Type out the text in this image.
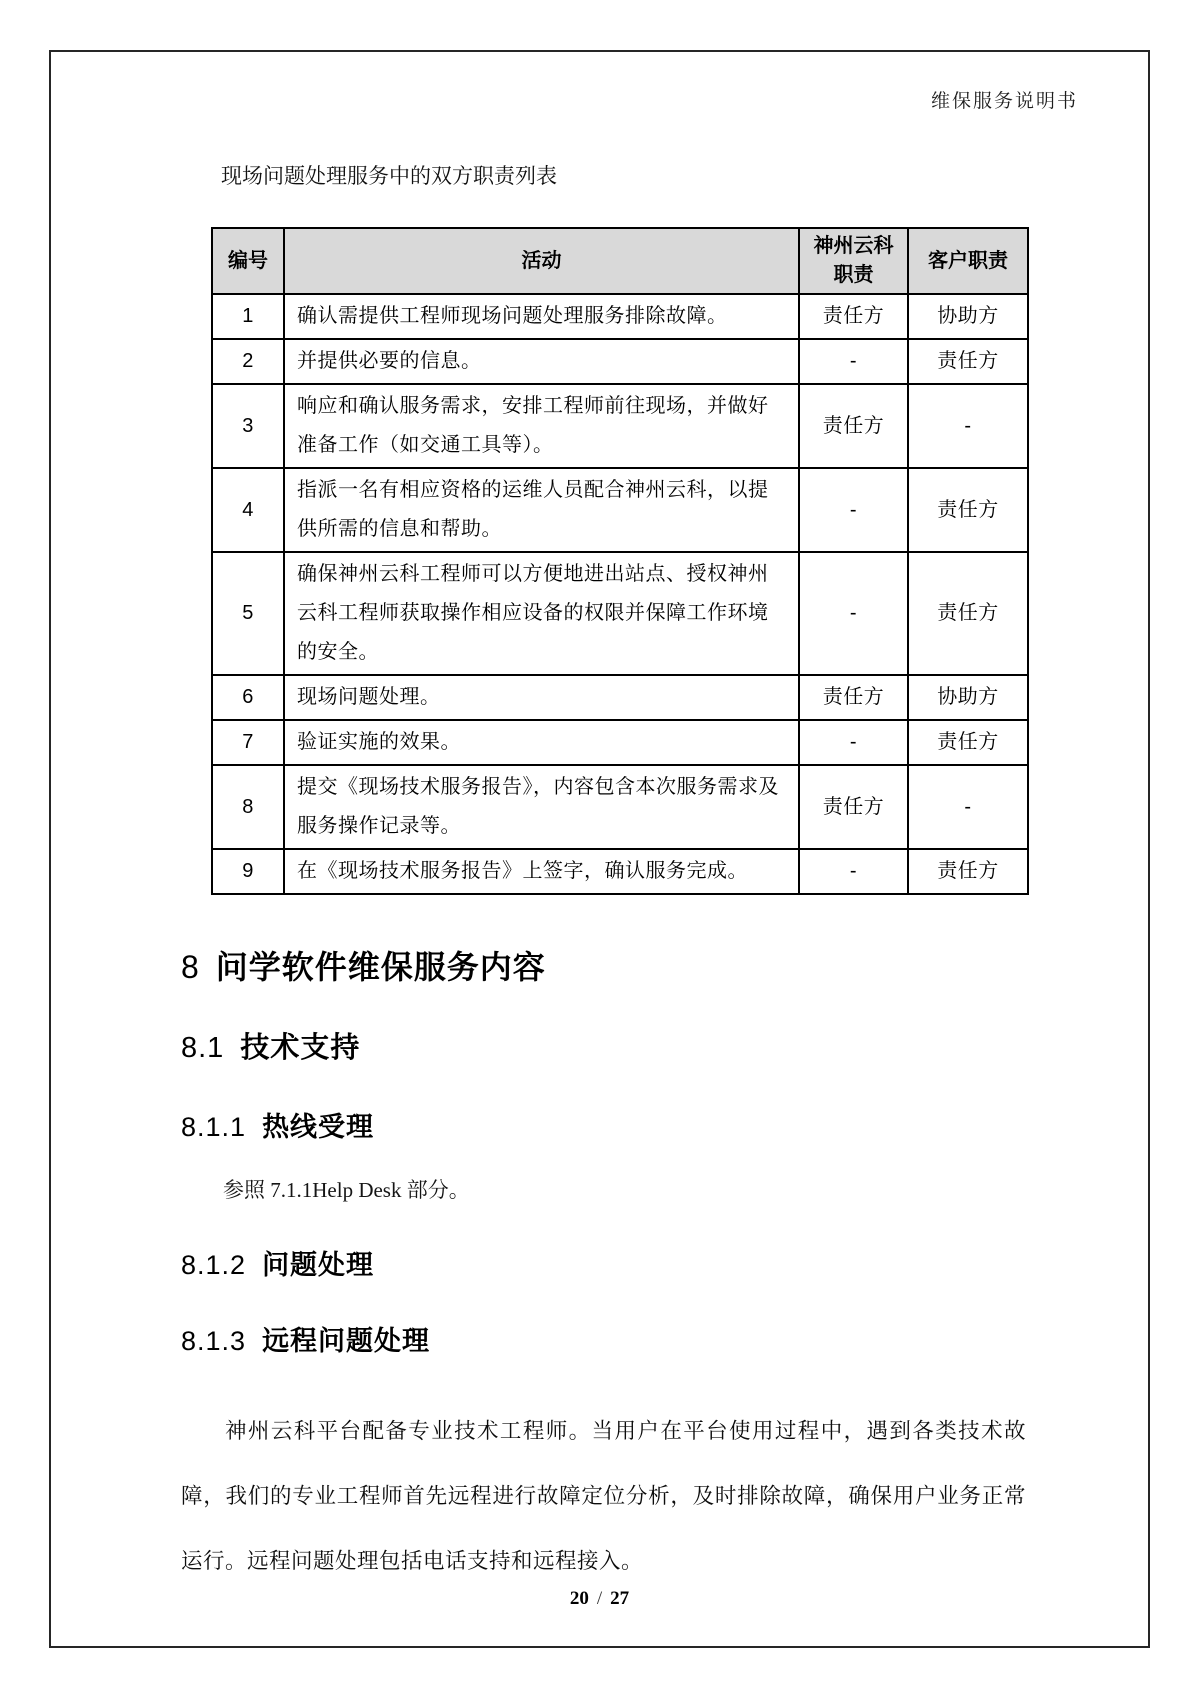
维保服务说明书

现场问题处理服务中的双方职责列表

编号	活动	神州云科职责	客户职责
1	确认需提供工程师现场问题处理服务排除故障。	责任方	协助方
2	并提供必要的信息。	-	责任方
3	响应和确认服务需求，安排工程师前往现场，并做好准备工作（如交通工具等）。	责任方	-
4	指派一名有相应资格的运维人员配合神州云科，以提供所需的信息和帮助。	-	责任方
5	确保神州云科工程师可以方便地进出站点、授权神州云科工程师获取操作相应设备的权限并保障工作环境的安全。	-	责任方
6	现场问题处理。	责任方	协助方
7	验证实施的效果。	-	责任方
8	提交《现场技术服务报告》，内容包含本次服务需求及服务操作记录等。	责任方	-
9	在《现场技术服务报告》上签字，确认服务完成。	-	责任方
8 问学软件维保服务内容
8.1 技术支持
8.1.1 热线受理

参照 7.1.1Help Desk 部分。

8.1.2 问题处理
8.1.3 远程问题处理

神州云科平台配备专业技术工程师。当用户在平台使用过程中，遇到各类技术故障，我们的专业工程师首先远程进行故障定位分析，及时排除故障，确保用户业务正常运行。远程问题处理包括电话支持和远程接入。

20 / 27
